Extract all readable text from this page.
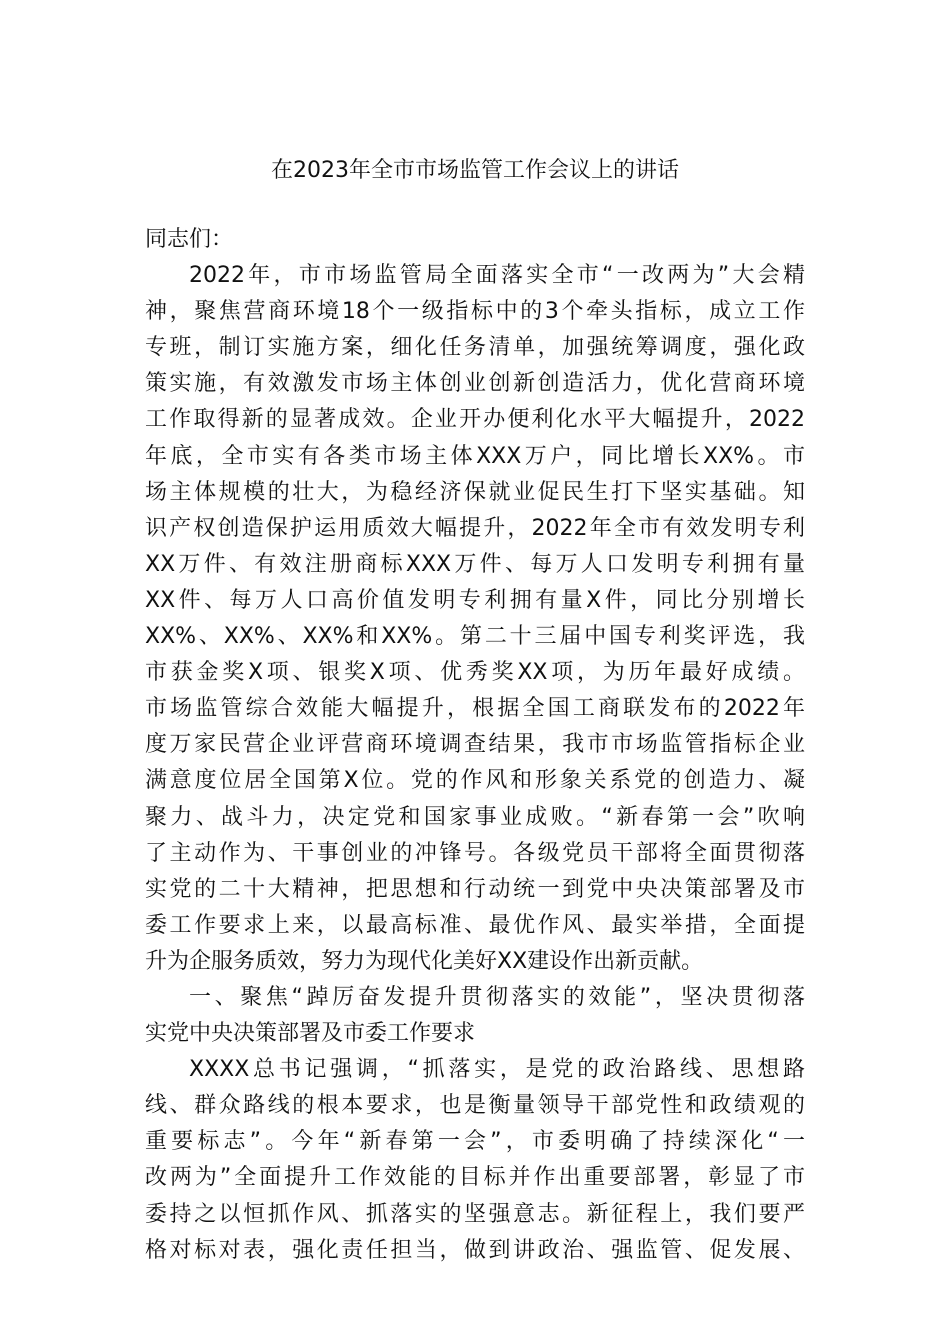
在2023年全市市场监管工作会议上的讲话
同志们：
2022年，市市场监管局全面落实全市“一改两为”大会精
神，聚焦营商环境18个一级指标中的3个牵头指标，成立工作
专班，制订实施方案，细化任务清单，加强统筹调度，强化政
策实施，有效激发市场主体创业创新创造活力，优化营商环境
工作取得新的显著成效。企业开办便利化水平大幅提升，2022
年底，全市实有各类市场主体XXX万户，同比增长XX%。市
场主体规模的壮大，为稳经济保就业促民生打下坚实基础。知
识产权创造保护运用质效大幅提升，2022年全市有效发明专利
XX万件、有效注册商标XXX万件、每万人口发明专利拥有量
XX件、每万人口高价值发明专利拥有量X件，同比分别增长
XX%、XX%、XX%和XX%。第二十三届中国专利奖评选，我
市获金奖X项、银奖X项、优秀奖XX项，为历年最好成绩。
市场监管综合效能大幅提升，根据全国工商联发布的2022年
度万家民营企业评营商环境调查结果，我市市场监管指标企业
满意度位居全国第X位。党的作风和形象关系党的创造力、凝
聚力、战斗力，决定党和国家事业成败。“新春第一会”吹响
了主动作为、干事创业的冲锋号。各级党员干部将全面贯彻落
实党的二十大精神，把思想和行动统一到党中央决策部署及市
委工作要求上来，以最高标准、最优作风、最实举措，全面提
升为企服务质效，努力为现代化美好XX建设作出新贡献。
一、聚焦“踔厉奋发提升贯彻落实的效能”，坚决贯彻落
实党中央决策部署及市委工作要求
XXXX总书记强调，“抓落实，是党的政治路线、思想路
线、群众路线的根本要求，也是衡量领导干部党性和政绩观的
重要标志”。今年“新春第一会”，市委明确了持续深化“一
改两为”全面提升工作效能的目标并作出重要部署，彰显了市
委持之以恒抓作风、抓落实的坚强意志。新征程上，我们要严
格对标对表，强化责任担当，做到讲政治、强监管、促发展、
